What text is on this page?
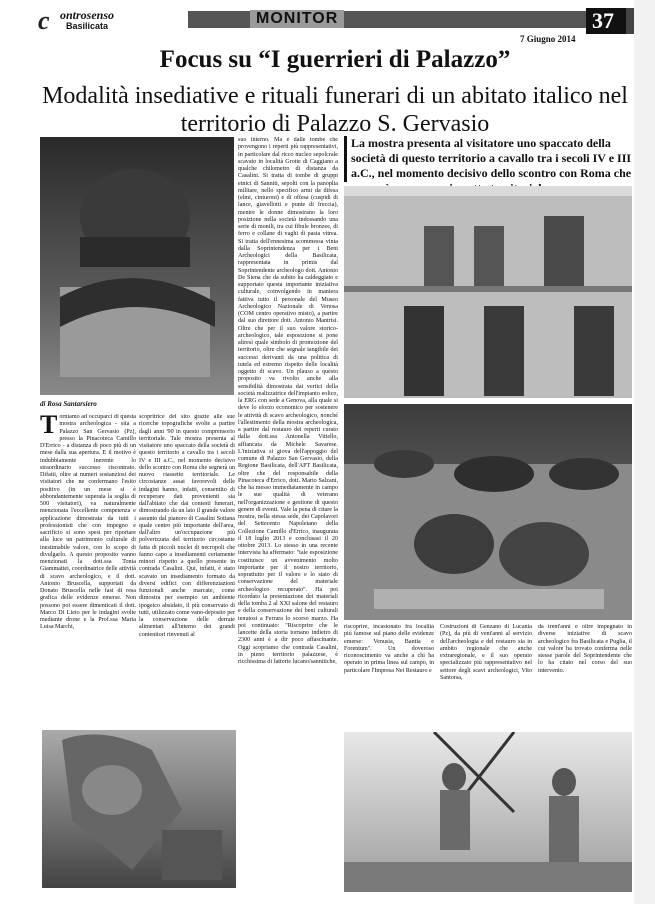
c ontrosenso
Basilicata	MONITOR	37
7 Giugno 2014
Focus su “I guerrieri di Palazzo”
Modalità insediative e rituali funerari di un abitato italico nel territorio di Palazzo S. Gervasio
La mostra presenta al visitatore uno spaccato della società di questo territorio a cavallo tra i secoli IV e III a.C., nel momento decisivo dello scontro con Roma che
di Rosa Santarsiero
Torniamo ad occuparci di questa mostra archeologica - sita a Palazzo San Gervasio (Pz), presso la Pinacoteca Camillo D'Errico - a distanza di poco più di un mese dalla sua apertura. E il motivo è indubbiamente inerente lo straordinario successo riscontrato. Difatti, oltre ai numeri sostanziosi dei visitatori che ne confermano l'esito positivo (in un mese si è abbondantemente superata la soglia di 500 visitatori), va naturalmente menzionata l'eccellente competenza e applicazione dimostrata da tutti i professionisti che con impegno e sacrificio si sono spesi per riportare alla luce un patrimonio culturale di inestimabile valore, con lo scopo di divulgarlo. A questo proposito vanno menzionati la dott.ssa Tonia Giammattei, coordinatrice delle attività di scavo archeologico, e il dott. Antonio Bruscella, supportati da Donato Bruscella nelle fasi di resa grafica delle evidenze emerse. Non possono poi essere dimenticati il dott. Marco Di Lieto per le indagini svolte mediante drone e la Prof.ssa Maria Luisa Marchi,
scopritrice del sito grazie alle sue ricerche topografiche svolte a partire dagli anni '90 in questo comprensorio territoriale. Tale mostra presenta al visitatore uno spaccato della società di questo territorio a cavallo tra i secoli IV e III a.C., nel momento decisivo dello scontro con Roma che segnerà un nuovo riassetto territoriale. Le circostanze assai favorevoli delle indagini hanno, infatti, consentito di recuperare dati provenienti sia dall'abitato che dai contesti funerari, dimostrando da un lato il grande valore assunto dal pianoro di Casalini Sottana quale centro più importante dell'area, dall'altro un'occupazione più polverizzata del territorio circostante fatta di piccoli nuclei di necropoli che fanno capo a insediamenti certamente minori rispetto a quello presente in contrada Casalini. Qui, infatti, è stato scavato un insediamento formato da diversi edifici con differenziazioni funzionali anche marcate, come dimostra per esempio un ambiente ipogeico absidato, il più conservato di tutti, utilizzato come vano-deposito per la conservazione delle derrate alimentari all'interno dei grandi contenitori rinvenuti al
suo interno. Ma è dalle tombe che provengono i reperti più rappresentativi, in particolare dal ricco nucleo sepolcrale scavato in località Grotte di Caggiano a qualche chilometro di distanza da Casalini. Si tratta di tombe di gruppi etnici di Sanniti, sepolti con la panoplia militare, nello specifico armi da difesa (elmi, cinturoni) e di offesa (cuspidi di lance, giavellotti e punte di freccia), mentre le donne dimostrano la loro posizione nella società indossando una serie di monili, tra cui fibule bronzee, di ferro e collane di vaghi di pasta vitrea. Si tratta dell'ennesima scommessa vinta dalla Soprintendenza per i Beni Archeologici della Basilicata, rappresentata in primis dal Soprintendente archeologo dott. Antonio De Siena che da subito ha caldeggiato e supportato questa importante iniziativa culturale, coinvolgendo in maniera fattiva tutto il personale del Museo Archeologico Nazionale di Venosa (COM centro operativo misto), a partire dal suo direttore dott. Antonio Mantrisi. Oltre che per il suo valore storico-archeologico, tale esposizione si pone altresì quale simbolo di promozione del territorio, oltre che segnale tangibile dei successi derivanti da una politica di tutela ed estremo rispetto delle località oggetto di scavo. Un plauso a questo proposito va rivolto anche alla sensibilità dimostrata dai vertici della società realizzatrice dell'impianto eolico, la ERG con sede a Genova, alla quale si deve lo sforzo economico per sostenere le attività di scavo archeologico, nonché l'allestimento della mostra archeologica, a partire dal restauro dei reperti curato dalla dott.ssa Antonella Vitiello, affiancata da Michele Savarese. L'iniziativa si giova dell'appoggio del comune di Palazzo San Gervasio, della Regione Basilicata, dell'APT Basilicata, oltre che del responsabile della Pinacoteca d'Errico, dott. Mario Salzani, che ha messo immediatamente in campo le sue qualità di veterano nell'organizzazione e gestione di questo genere di eventi. Vale la pena di citare la mostra, nella stessa sede, dei Capolavori del Settecento Napoletano della Collezione Camillo d'Errico, inaugurata il 18 luglio 2013 e conclusasi il 20 ottobre 2013. Lo stesso in una recente intervista ha affermato: "tale esposizione costituisce un avvenimento molto importante per il nostro territorio, soprattutto per il valore e lo stato di conservazione del materiale archeologico recuperato". Ha poi ricordato la presentazione dei materiali della tomba 2 al XXI salone del restauro e della conservazione dei beni culturali tenutosi a Ferrara lo scorso marzo. Ha poi continuato: "Riscoprire che le lancette della storia tornano indietro di 2300 anni è a dir poco affascinante. Oggi scopriamo che contrada Casalini, in pieno territorio palazzese, è ricchissima di fattorie lucano/sannitiche,
riscoprire, incastonato fra località più famose sul piano delle evidenze emerse: Venusia, Bantia e Forentum". Un doveroso riconoscimento va anche a chi ha operato in prima linea sul campo, in particolare l'Impresa Nei Restauro e
Costruzioni di Genzano di Lucania (Pz), da più di vent'anni al servizio dell'archeologia e del restauro sia in ambito regionale che anche extraregionale, e il suo operaio specializzato più rappresentativo nel settore degli scavi archeologici, Vito Santorsa,
da trent'anni e oltre impegnato in diverse iniziative di scavo archeologico fra Basilicata e Puglia, il cui valore ha trovato conferma nelle stesse parole del Soprintendente che lo ha citato nel corso del suo intervento.
